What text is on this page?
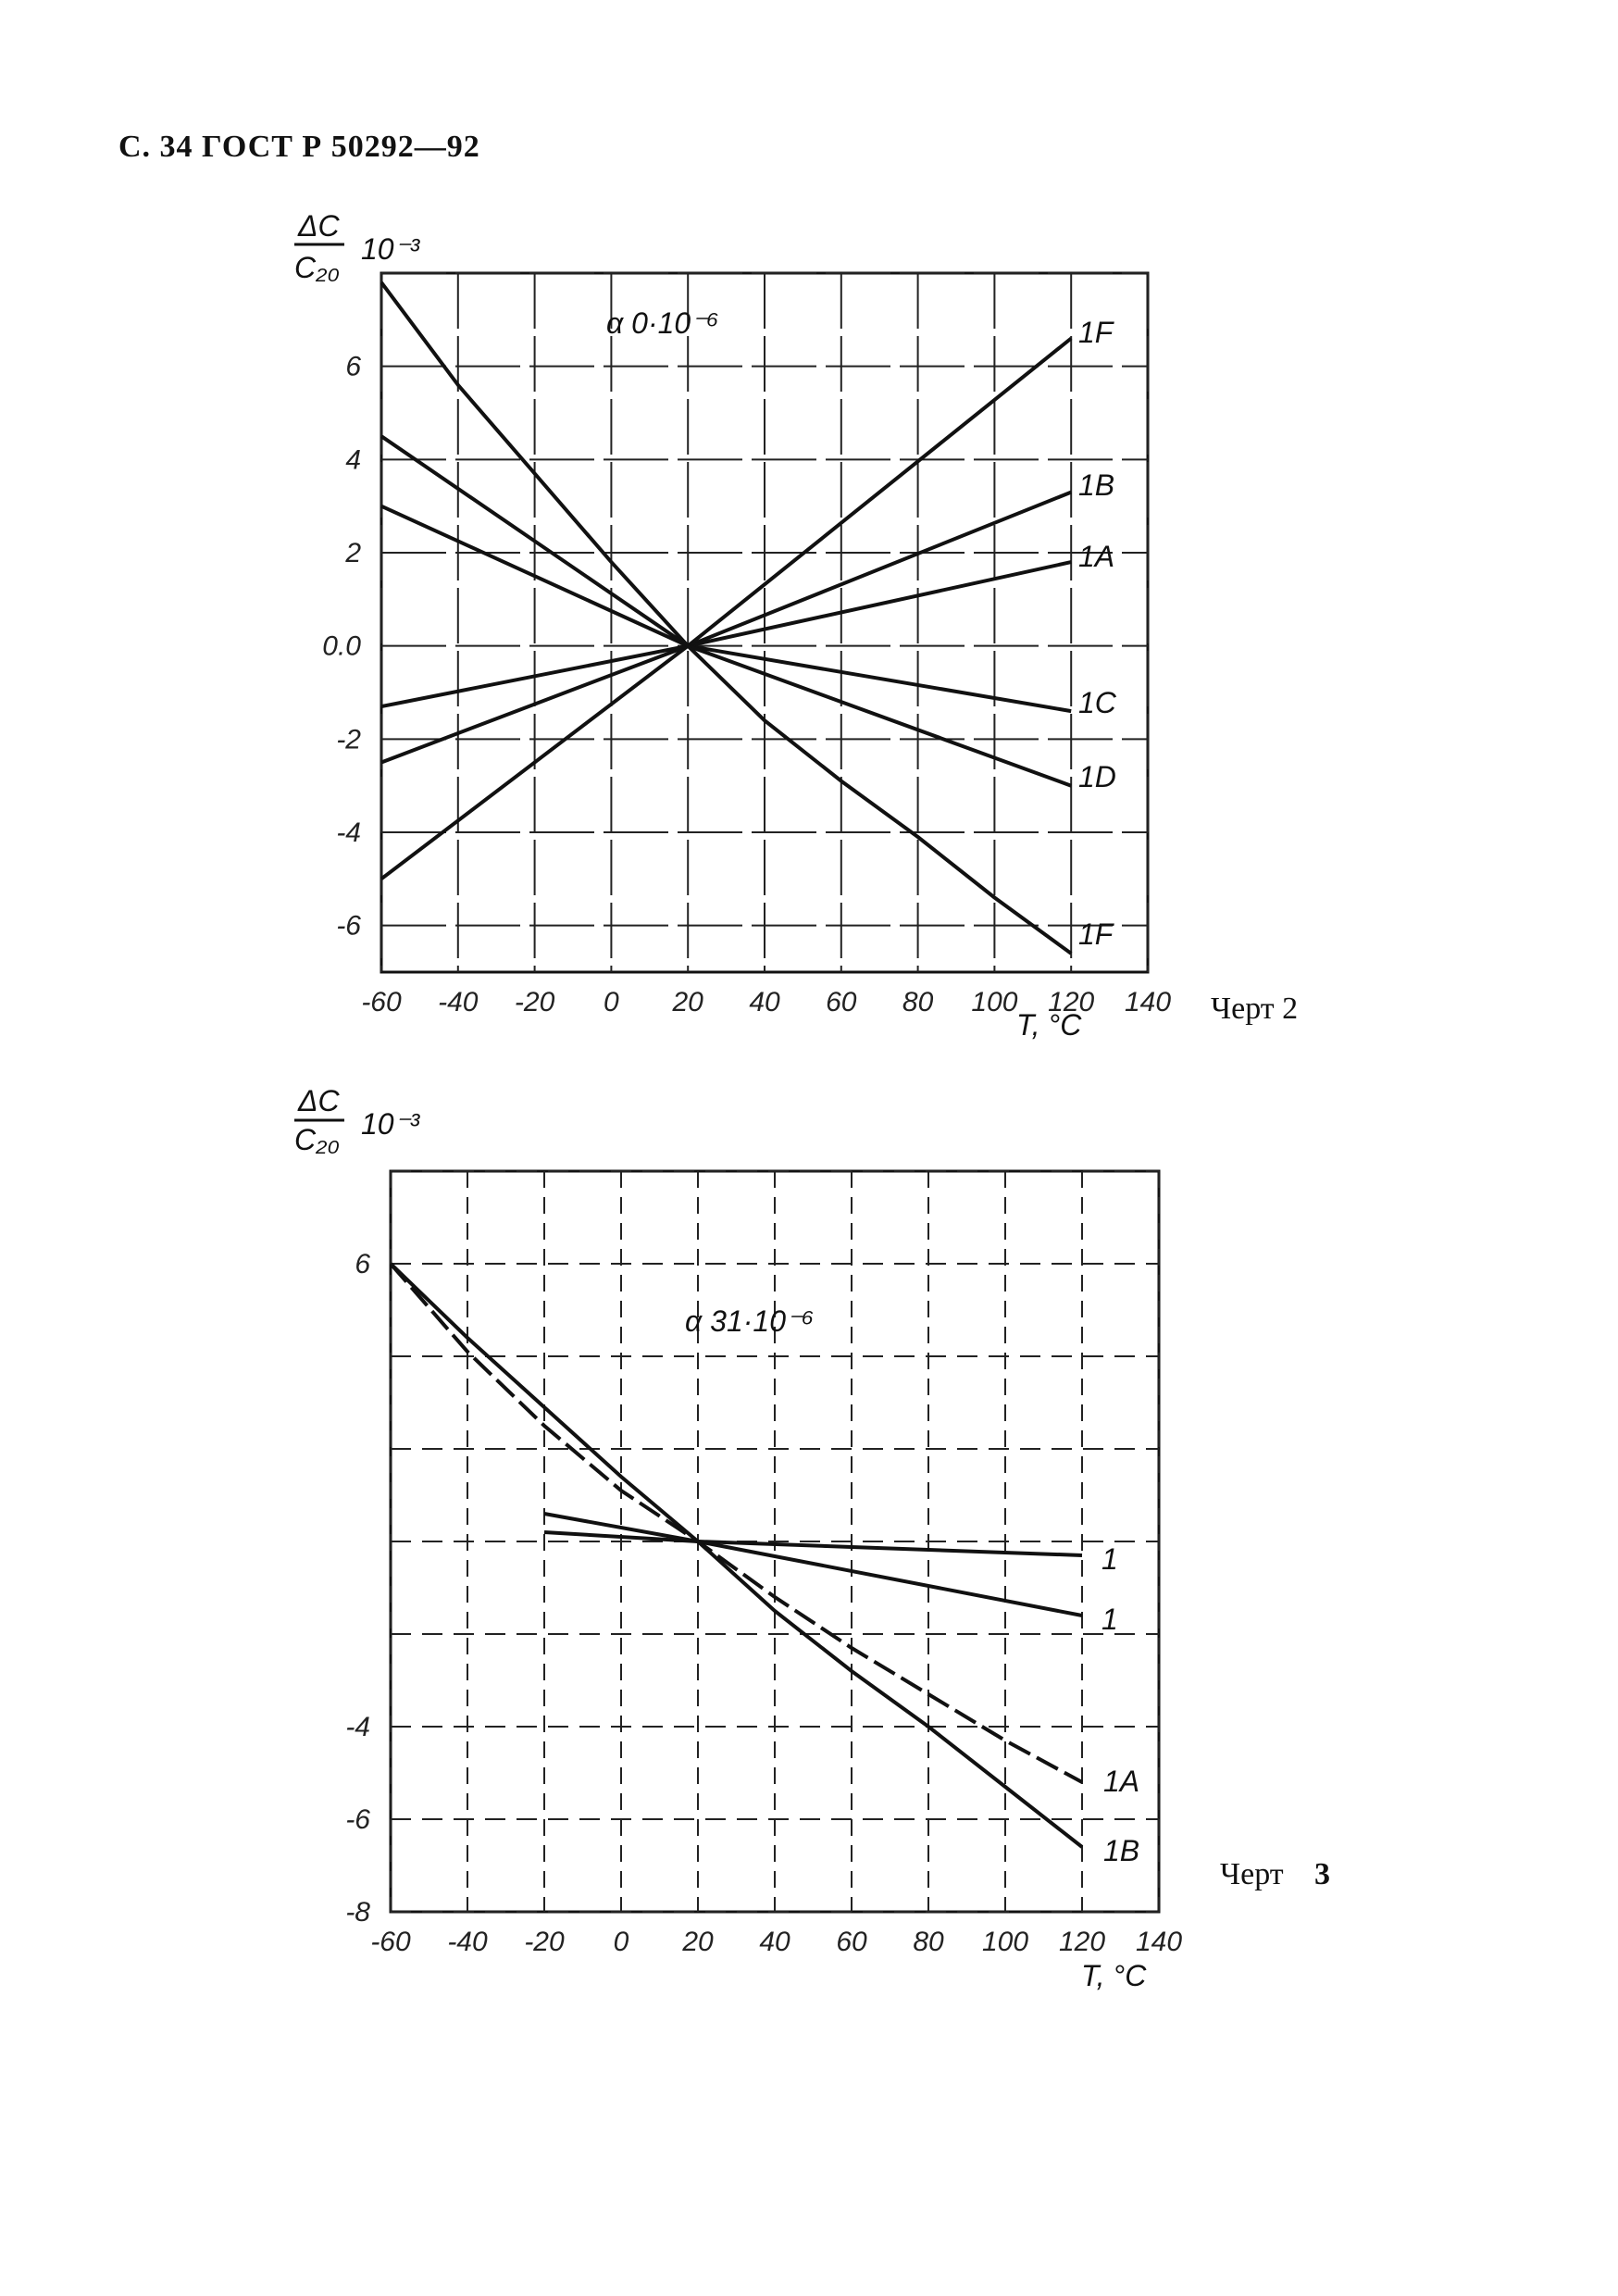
С. 34 ГОСТ Р 50292—92
1F
1B
1A
1C
1D
1F
-60 -40 -20 0 20 40 60 80 100 120 140
6
4
2
0.0
-2
-4
-6
ΔC C₂₀
10⁻³
α 0·10⁻⁶
T, °C	Черт 2
1
1
1A
1B
-60 -40 -20 0 20 40 60 80 100 120 140
6
-4
-6
-8
ΔC C₂₀ 10⁻³
α 31·10⁻⁶
T, °C
Черт 3
